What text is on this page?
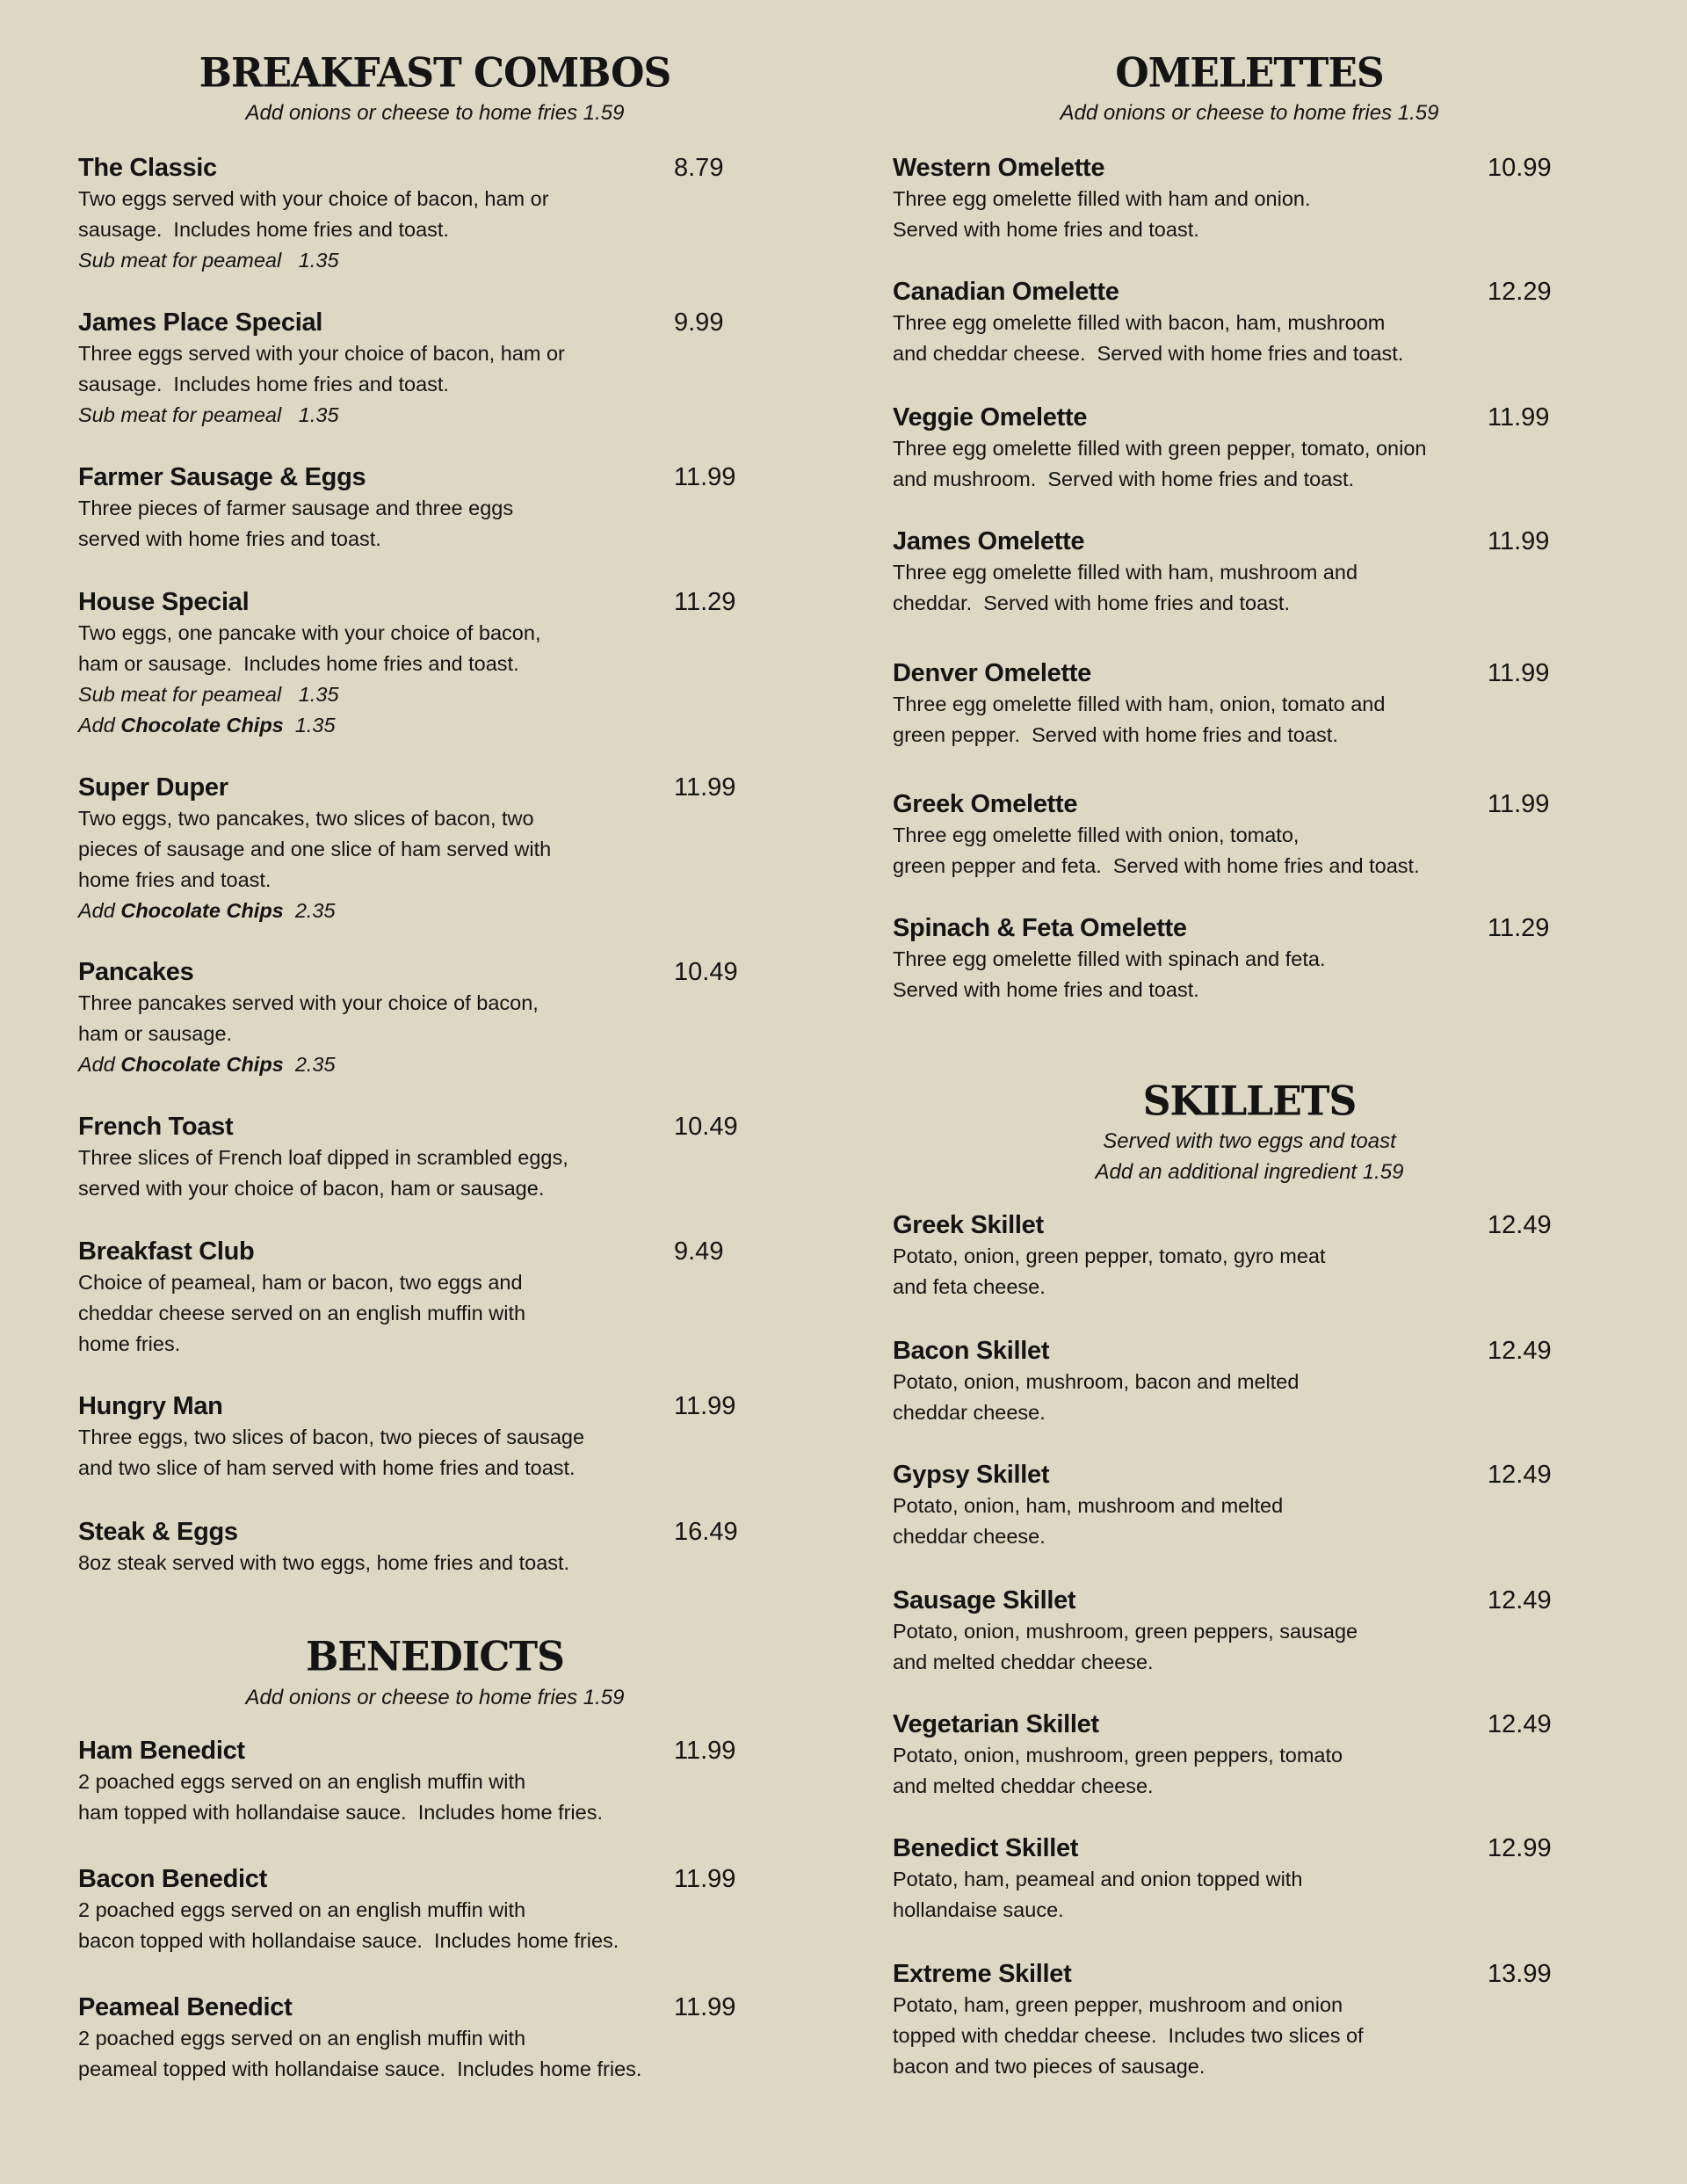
BREAKFAST COMBOS
Add onions or cheese to home fries 1.59
The Classic	8.79
Two eggs served with your choice of bacon, ham or
sausage.  Includes home fries and toast.
Sub meat for peameal   1.35
James Place Special	9.99
Three eggs served with your choice of bacon, ham or
sausage.  Includes home fries and toast.
Sub meat for peameal   1.35
Farmer Sausage & Eggs	11.99
Three pieces of farmer sausage and three eggs
served with home fries and toast.
House Special	11.29
Two eggs, one pancake with your choice of bacon,
ham or sausage.  Includes home fries and toast.
Sub meat for peameal   1.35
Add Chocolate Chips  1.35
Super Duper	11.99
Two eggs, two pancakes, two slices of bacon, two
pieces of sausage and one slice of ham served with
home fries and toast.
Add Chocolate Chips  2.35
Pancakes	10.49
Three pancakes served with your choice of bacon,
ham or sausage.
Add Chocolate Chips  2.35
French Toast	10.49
Three slices of French loaf dipped in scrambled eggs,
served with your choice of bacon, ham or sausage.
Breakfast Club	9.49
Choice of peameal, ham or bacon, two eggs and
cheddar cheese served on an english muffin with
home fries.
Hungry Man	11.99
Three eggs, two slices of bacon, two pieces of sausage
and two slice of ham served with home fries and toast.
Steak & Eggs	16.49
8oz steak served with two eggs, home fries and toast.
BENEDICTS
Add onions or cheese to home fries 1.59
Ham Benedict	11.99
2 poached eggs served on an english muffin with
ham topped with hollandaise sauce.  Includes home fries.
Bacon Benedict	11.99
2 poached eggs served on an english muffin with
bacon topped with hollandaise sauce.  Includes home fries.
Peameal Benedict	11.99
2 poached eggs served on an english muffin with
peameal topped with hollandaise sauce.  Includes home fries.
OMELETTES
Add onions or cheese to home fries 1.59
Western Omelette	10.99
Three egg omelette filled with ham and onion.
Served with home fries and toast.
Canadian Omelette	12.29
Three egg omelette filled with bacon, ham, mushroom
and cheddar cheese.  Served with home fries and toast.
Veggie Omelette	11.99
Three egg omelette filled with green pepper, tomato, onion
and mushroom.  Served with home fries and toast.
James Omelette	11.99
Three egg omelette filled with ham, mushroom and
cheddar.  Served with home fries and toast.
Denver Omelette	11.99
Three egg omelette filled with ham, onion, tomato and
green pepper.  Served with home fries and toast.
Greek Omelette	11.99
Three egg omelette filled with onion, tomato,
green pepper and feta.  Served with home fries and toast.
Spinach & Feta Omelette	11.29
Three egg omelette filled with spinach and feta.
Served with home fries and toast.
SKILLETS
Served with two eggs and toast
Add an additional ingredient 1.59
Greek Skillet	12.49
Potato, onion, green pepper, tomato, gyro meat
and feta cheese.
Bacon Skillet	12.49
Potato, onion, mushroom, bacon and melted
cheddar cheese.
Gypsy Skillet	12.49
Potato, onion, ham, mushroom and melted
cheddar cheese.
Sausage Skillet	12.49
Potato, onion, mushroom, green peppers, sausage
and melted cheddar cheese.
Vegetarian Skillet	12.49
Potato, onion, mushroom, green peppers, tomato
and melted cheddar cheese.
Benedict Skillet	12.99
Potato, ham, peameal and onion topped with
hollandaise sauce.
Extreme Skillet	13.99
Potato, ham, green pepper, mushroom and onion
topped with cheddar cheese.  Includes two slices of
bacon and two pieces of sausage.
